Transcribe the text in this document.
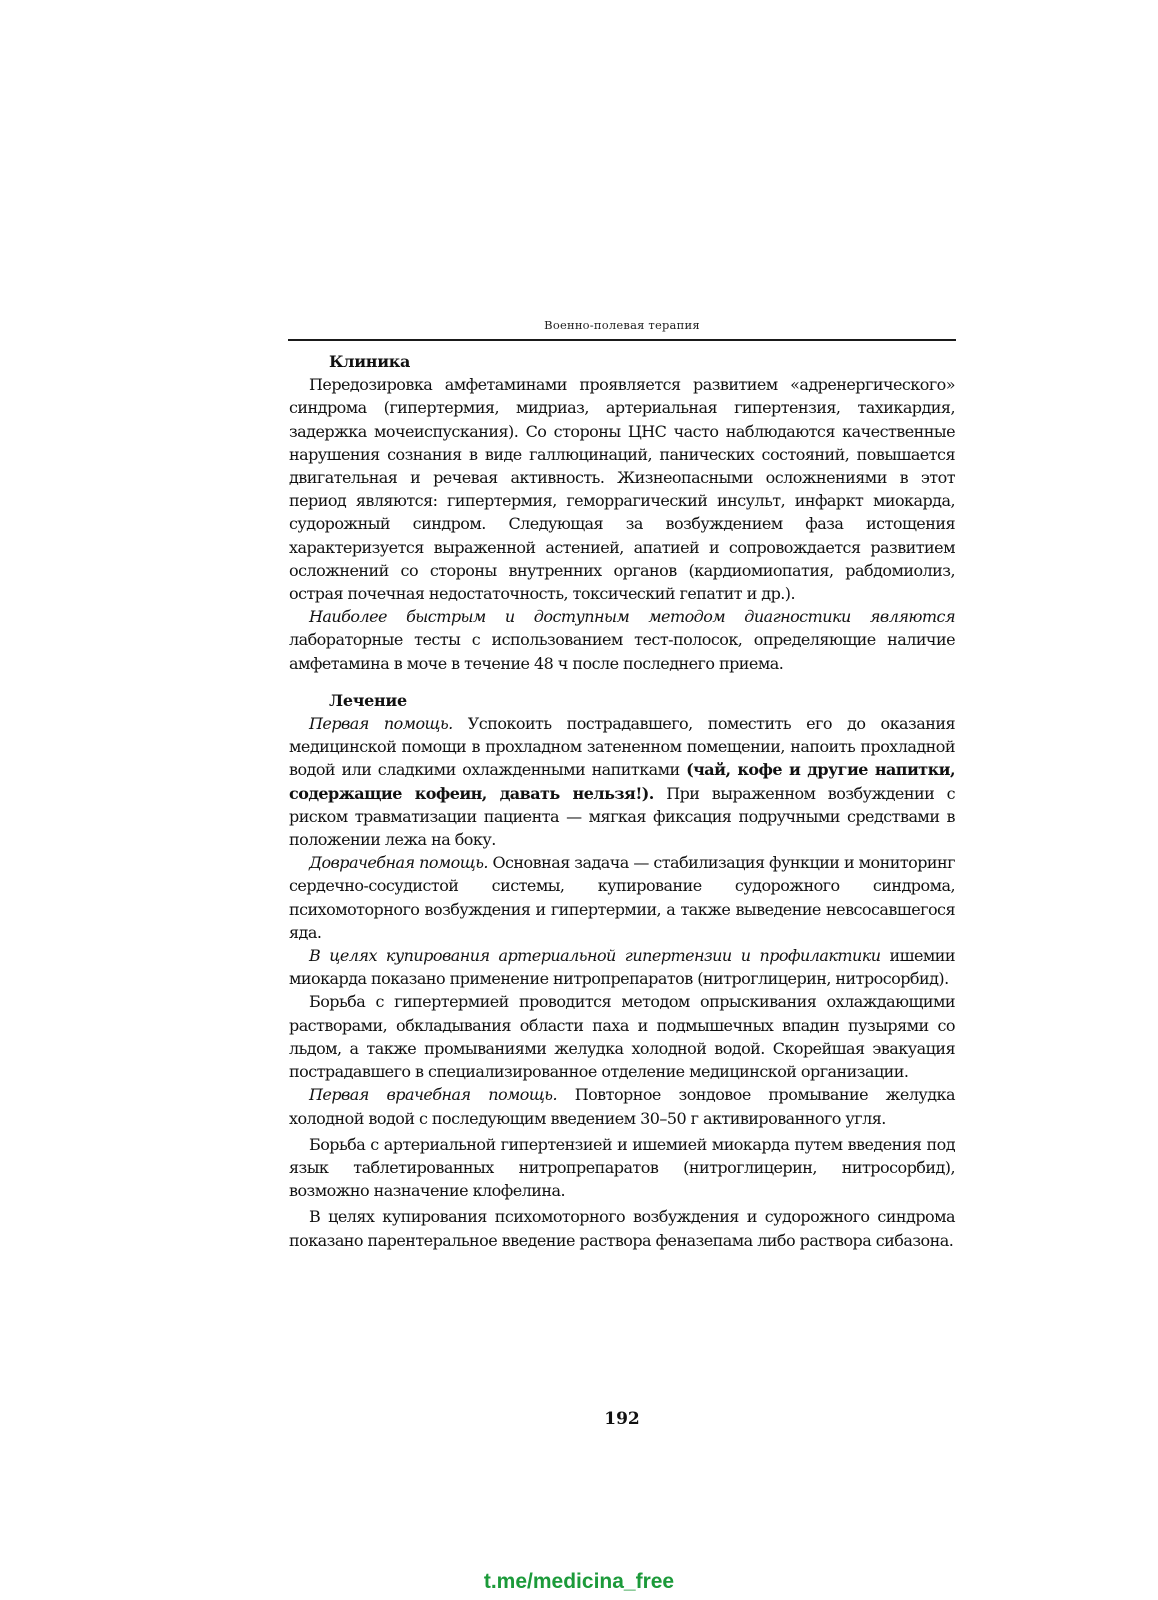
Военно-полевая терапия

Клиника

Передозировка амфетаминами проявляется развитием «адренергического» синдрома (гипертермия, мидриаз, артериальная гипертензия, тахикардия, задержка мочеиспускания). Со стороны ЦНС часто наблюдаются качественные нарушения сознания в виде галлюцинаций, панических состояний, повышается двигательная и речевая активность. Жизнеопасными осложнениями в этот период являются: гипертермия, геморрагический инсульт, инфаркт миокарда, судорожный синдром. Следующая за возбуждением фаза истощения характеризуется выраженной астенией, апатией и сопровождается развитием осложнений со стороны внутренних органов (кардиомиопатия, рабдомиолиз, острая почечная недостаточность, токсический гепатит и др.).

Наиболее быстрым и доступным методом диагностики являются лабораторные тесты с использованием тест-полосок, определяющие наличие амфетамина в моче в течение 48 ч после последнего приема.

Лечение

Первая помощь. Успокоить пострадавшего, поместить его до оказания медицинской помощи в прохладном затененном помещении, напоить прохладной водой или сладкими охлажденными напитками (чай, кофе и другие напитки, содержащие кофеин, давать нельзя!). При выраженном возбуждении с риском травматизации пациента — мягкая фиксация подручными средствами в положении лежа на боку.

Доврачебная помощь. Основная задача — стабилизация функции и мониторинг сердечно-сосудистой системы, купирование судорожного синдрома, психомоторного возбуждения и гипертермии, а также выведение невсосавшегося яда.

В целях купирования артериальной гипертензии и профилактики ишемии миокарда показано применение нитропрепаратов (нитроглицерин, нитросорбид).

Борьба с гипертермией проводится методом опрыскивания охлаждающими растворами, обкладывания области паха и подмышечных впадин пузырями со льдом, а также промываниями желудка холодной водой. Скорейшая эвакуация пострадавшего в специализированное отделение медицинской организации.

Первая врачебная помощь. Повторное зондовое промывание желудка холодной водой с последующим введением 30–50 г активированного угля.

Борьба с артериальной гипертензией и ишемией миокарда путем введения под язык таблетированных нитропрепаратов (нитроглицерин, нитросорбид), возможно назначение клофелина.

В целях купирования психомоторного возбуждения и судорожного синдрома показано парентеральное введение раствора феназепама либо раствора сибазона.

192
t.me/medicina_free
